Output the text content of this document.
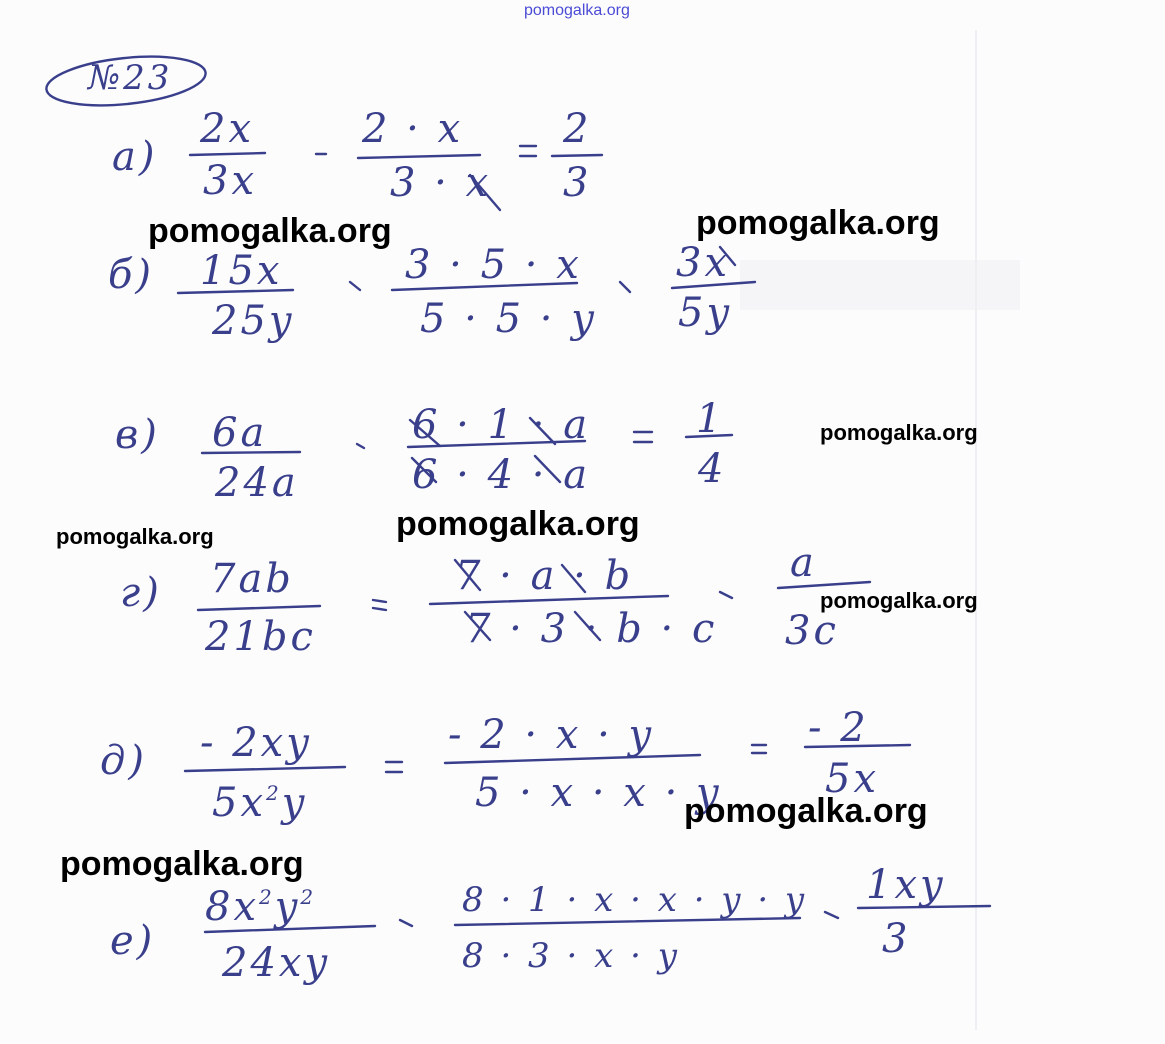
pomogalka.org
№23
а)
2x
3x
2 · x
3 · x
2
3
б) 15x
25y
3 · 5 · x
5 · 5 · y
3x
5y
в) 6a
24a
6 · 1 · a
6 · 4 · a
1
4
г) 7ab
21bc
7 · a · b
7 · 3 · b · c
a
3c
д) - 2xy
$5x^2y$
- 2 · x · y
5 · x · x · y
- 2
5x
е)
$8x^2y^2$
24xy
8 · 1 · x · x · y · y
8 · 3 · x · y
1xy
3
pomogalka.org	pomogalka.org
pomogalka.org
pomogalka.org	pomogalka.org
pomogalka.org
pomogalka.org
pomogalka.org
